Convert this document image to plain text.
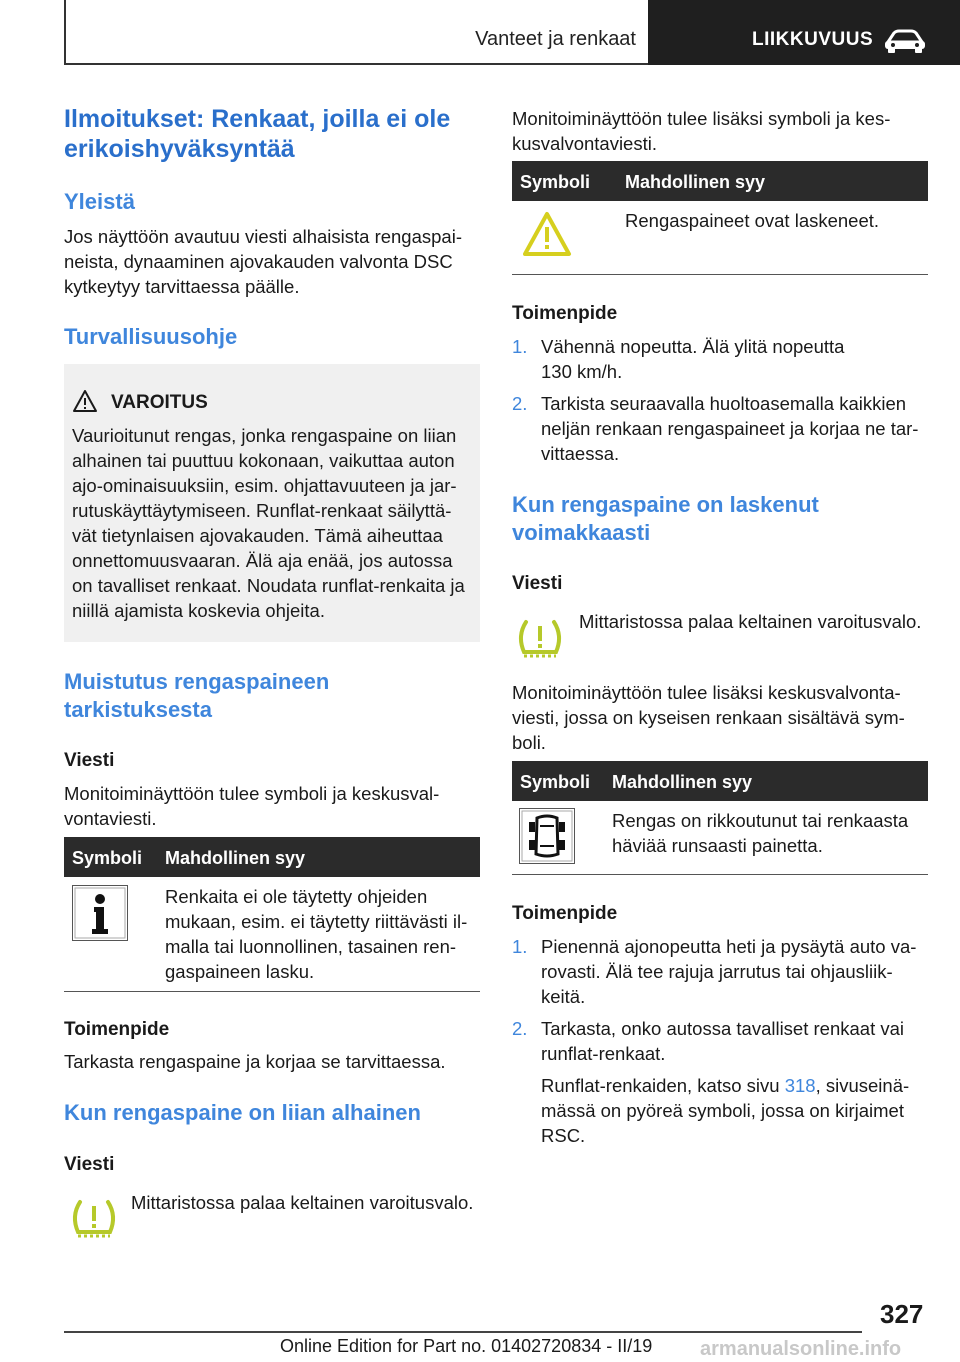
Vanteet ja renkaat	LIIKKUVUUS
Ilmoitukset: Renkaat, joilla ei ole
erikoishyväksyntää
Yleistä
Jos näyttöön avautuu viesti alhaisista rengaspai-
neista, dynaaminen ajovakauden valvonta DSC
kytkeytyy tarvittaessa päälle.
Turvallisuusohje
VAROITUS
Vaurioitunut rengas, jonka rengaspaine on liian
alhainen tai puuttuu kokonaan, vaikuttaa auton
ajo-ominaisuuksiin, esim. ohjattavuuteen ja jar-
rutuskäyttäytymiseen. Runflat-renkaat säilyttä-
vät tietynlaisen ajovakauden. Tämä aiheuttaa
onnettomuusvaaran. Älä aja enää, jos autossa
on tavalliset renkaat. Noudata runflat-renkaita ja
niillä ajamista koskevia ohjeita.
Muistutus rengaspaineen
tarkistuksesta
Viesti
Monitoiminäyttöön tulee symboli ja keskusval-
vontaviesti.
Symboli Mahdollinen syy
Renkaita ei ole täytetty ohjeiden
mukaan, esim. ei täytetty riittävästi il-
malla tai luonnollinen, tasainen ren-
gaspaineen lasku.
Toimenpide
Tarkasta rengaspaine ja korjaa se tarvittaessa.
Kun rengaspaine on liian alhainen
Viesti
Mittaristossa palaa keltainen varoitusvalo.
Monitoiminäyttöön tulee lisäksi symboli ja kes-
kusvalvontaviesti.
Symboli Mahdollinen syy
Rengaspaineet ovat laskeneet.
Toimenpide
1. Vähennä nopeutta. Älä ylitä nopeutta
130 km/h.
2. Tarkista seuraavalla huoltoasemalla kaikkien
neljän renkaan rengaspaineet ja korjaa ne tar-
vittaessa.
Kun rengaspaine on laskenut
voimakkaasti
Viesti
Mittaristossa palaa keltainen varoitusvalo.
Monitoiminäyttöön tulee lisäksi keskusvalvonta-
viesti, jossa on kyseisen renkaan sisältävä sym-
boli.
Symboli Mahdollinen syy
Rengas on rikkoutunut tai renkaasta
häviää runsaasti painetta.
Toimenpide
1. Pienennä ajonopeutta heti ja pysäytä auto va-
rovasti. Älä tee rajuja jarrutus tai ohjausliik-
keitä.
2. Tarkasta, onko autossa tavalliset renkaat vai
runflat-renkaat.
Runflat-renkaiden, katso sivu 318, sivuseinä-
mässä on pyöreä symboli, jossa on kirjaimet
RSC.
327
Online Edition for Part no. 01402720834 - II/19 armanualsonline.info
